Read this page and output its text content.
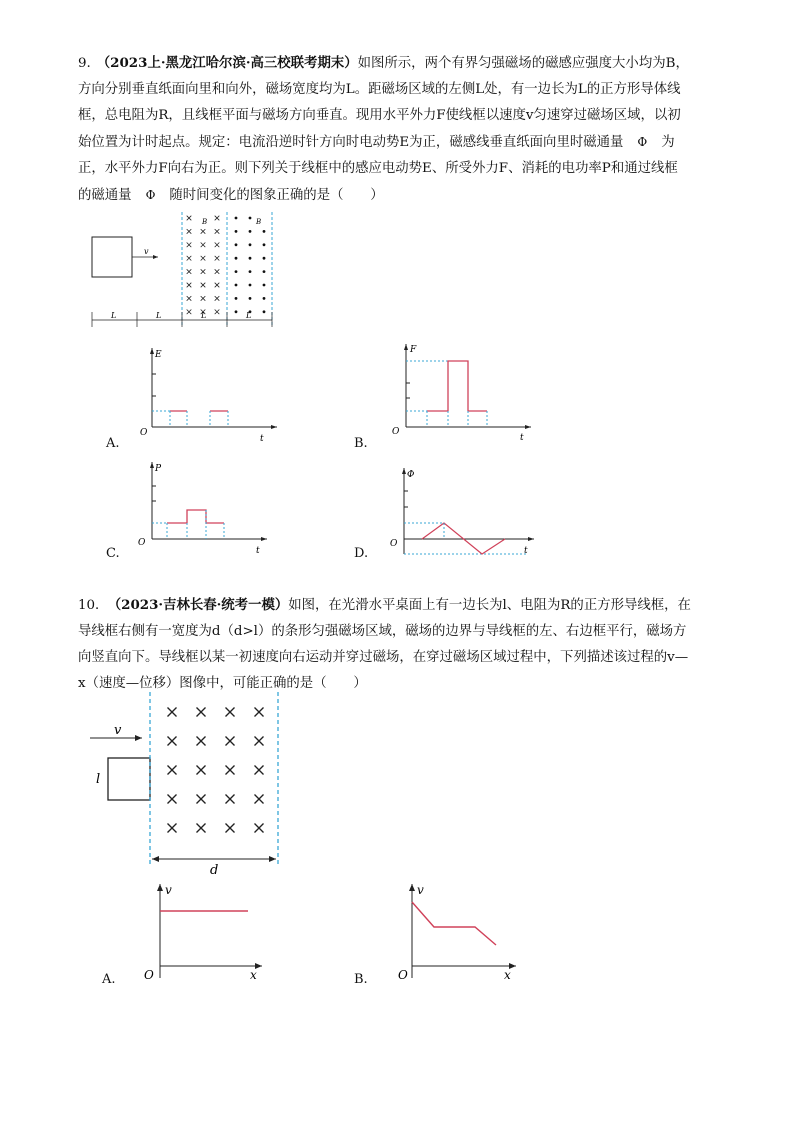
9. （2023上·黑龙江哈尔滨·高三校联考期末）如图所示，两个有界匀强磁场的磁感应强度大小均为B，
方向分别垂直纸面向里和向外，磁场宽度均为L。距磁场区域的左侧L处，有一边长为L的正方形导体线
框，总电阻为R，且线框平面与磁场方向垂直。现用水平外力F使线框以速度v匀速穿过磁场区域，以初
始位置为计时起点。规定：电流沿逆时针方向时电动势E为正，磁感线垂直纸面向里时磁通量 Φ 为
正，水平外力F向右为正。则下列关于线框中的感应电动势E、所受外力F、消耗的电功率P和通过线框
的磁通量 Φ 随时间变化的图象正确的是（　　）
v
B	B
L	L	L	L
A.
E
O
t	B.
F
O
t
C.
P
O
t	D.
Φ
O
t
10． （2023·吉林长春·统考一模）如图，在光滑水平桌面上有一边长为l、电阻为R的正方形导线框，在
导线框右侧有一宽度为d（d>l）的条形匀强磁场区域，磁场的边界与导线框的左、右边框平行，磁场方
向竖直向下。导线框以某一初速度向右运动并穿过磁场，在穿过磁场区域过程中，下列描述该过程的v—
x（速度—位移）图像中，可能正确的是（　　）
v
l
d
A.
v
O	x	B.
v
O	x
